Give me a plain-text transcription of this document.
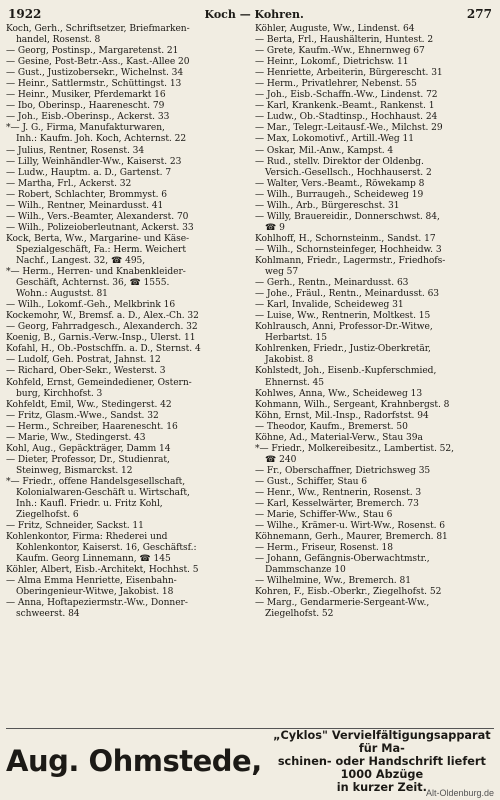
1922	Koch — Kohren.	277
Koch, Gerh., Schriftsetzer, Briefmarken-
handel, Rosenst. 8
— Georg, Postinsp., Margaretenst. 21
— Gesine, Post-Betr.-Ass., Kast.-Allee 20
— Gust., Justizobersekr., Wichelnst. 34
— Heinr., Sattlermstr., Schüttingst. 13
— Heinr., Musiker, Pferdemarkt 16
— Ibo, Oberinsp., Haarenescht. 79
— Joh., Eisb.-Oberinsp., Ackerst. 33
*— J. G., Firma, Manufakturwaren,
Inh.: Kaufm. Joh. Koch, Achternst. 22
— Julius, Rentner, Rosenst. 34
— Lilly, Weinhändler-Ww., Kaiserst. 23
— Ludw., Hauptm. a. D., Gartenst. 7
— Martha, Frl., Ackerst. 32
— Robert, Schlachter, Brommyst. 6
— Wilh., Rentner, Meinardusst. 41
— Wilh., Vers.-Beamter, Alexanderst. 70
— Wilh., Polizeioberleutnant, Ackerst. 33
Kock, Berta, Ww., Margarine- und Käse-
Spezialgeschäft, Fa.: Herm. Weichert
Nachf., Langest. 32, ☎ 495,
*— Herm., Herren- und Knabenkleider-
Geschäft, Achternst. 36, ☎ 1555.
Wohn.: Augustst. 81
— Wilh., Lokomf.-Geh., Melkbrink 16
Kockemohr, W., Bremsf. a. D., Alex.-Ch. 32
— Georg, Fahrradgesch., Alexanderch. 32
Koenig, B., Garnis.-Verw.-Insp., Ulerst. 11
Kofahl, H., Ob.-Postschffn. a. D., Sternst. 4
— Ludolf, Geh. Postrat, Jahnst. 12
— Richard, Ober-Sekr., Westerst. 3
Kohfeld, Ernst, Gemeindediener, Ostern-
burg, Kirchhofst. 3
Kohfeldt, Emil, Ww., Stedingerst. 42
— Fritz, Glasm.-Wwe., Sandst. 32
— Herm., Schreiber, Haarenescht. 16
— Marie, Ww., Stedingerst. 43
Kohl, Aug., Gepäckträger, Damm 14
— Dieter, Professor, Dr., Studienrat,
Steinweg, Bismarckst. 12
*— Friedr., offene Handelsgesellschaft,
Kolonialwaren-Geschäft u. Wirtschaft,
Inh.: Kaufl. Friedr. u. Fritz Kohl,
Ziegelhofst. 6
— Fritz, Schneider, Sackst. 11
Kohlenkontor, Firma: Rhederei und
Kohlenkontor, Kaiserst. 16, Geschäftsf.:
Kaufm. Georg Linnemann, ☎ 145
Köhler, Albert, Eisb.-Architekt, Hochhst. 5
— Alma Emma Henriette, Eisenbahn-
Oberingenieur-Witwe, Jakobist. 18
— Anna, Hoftapeziermstr.-Ww., Donner-
schweerst. 84
Köhler, Auguste, Ww., Lindenst. 64
— Berta, Frl., Haushälterin, Huntest. 2
— Grete, Kaufm.-Ww., Ehnernweg 67
— Heinr., Lokomf., Dietrichsw. 11
— Henriette, Arbeiterin, Bürgerescht. 31
— Herm., Privatlehrer, Nebenst. 55
— Joh., Eisb.-Schaffn.-Ww., Lindenst. 72
— Karl, Krankenk.-Beamt., Rankenst. 1
— Ludw., Ob.-Stadtinsp., Hochhaust. 24
— Mar., Telegr.-Leitausf.-We., Milchst. 29
— Max, Lokomotivf., Artill.-Weg 11
— Oskar, Mil.-Anw., Kampst. 4
— Rud., stellv. Direktor der Oldenbg.
Versich.-Gesellsch., Hochhauserst. 2
— Walter, Vers.-Beamt., Röwekamp 8
— Wilh., Burraugeh., Scheideweg 19
— Wilh., Arb., Bürgereschst. 31
— Willy, Brauereidir., Donnerschwst. 84,
☎ 9
Kohlhoff, H., Schornsteinm., Sandst. 17
— Wilh., Schornsteinfeger, Hochheidw. 3
Kohlmann, Friedr., Lagermstr., Friedhofs-
weg 57
— Gerh., Rentn., Meinardusst. 63
— Johe., Fräul., Rentn., Meinardusst. 63
— Karl, Invalide, Scheideweg 31
— Luise, Ww., Rentnerin, Moltkest. 15
Kohlrausch, Anni, Professor-Dr.-Witwe,
Herbartst. 15
Kohlrenken, Friedr., Justiz-Oberkretär,
Jakobist. 8
Kohlstedt, Joh., Eisenb.-Kupferschmied,
Ehnernst. 45
Kohlwes, Anna, Ww., Scheideweg 13
Kohmann, Wilh., Sergeant, Krahnbergst. 8
Köhn, Ernst, Mil.-Insp., Radorfstst. 94
— Theodor, Kaufm., Bremerst. 50
Köhne, Ad., Material-Verw., Stau 39a
*— Friedr., Molkereibesitz., Lambertist. 52,
☎ 240
— Fr., Oberschaffner, Dietrichsweg 35
— Gust., Schiffer, Stau 6
— Henr., Ww., Rentnerin, Rosenst. 3
— Karl, Kesselwärter, Bremerch. 73
— Marie, Schiffer-Ww., Stau 6
— Wilhe., Krämer-u. Wirt-Ww., Rosenst. 6
Köhnemann, Gerh., Maurer, Bremerch. 81
— Herm., Friseur, Rosenst. 18
— Johann, Gefängnis-Oberwachtmstr.,
Dammschanze 10
— Wilhelmine, Ww., Bremerch. 81
Kohren, F., Eisb.-Oberkr., Ziegelhofst. 52
— Marg., Gendarmerie-Sergeant-Ww.,
Ziegelhofst. 52
Aug. Ohmstede,
„Cyklos" Vervielfältigungsapparat für Ma-
schinen- oder Handschrift liefert 1000 Abzüge
in kurzer Zeit. Alt-Oldenburg.de
